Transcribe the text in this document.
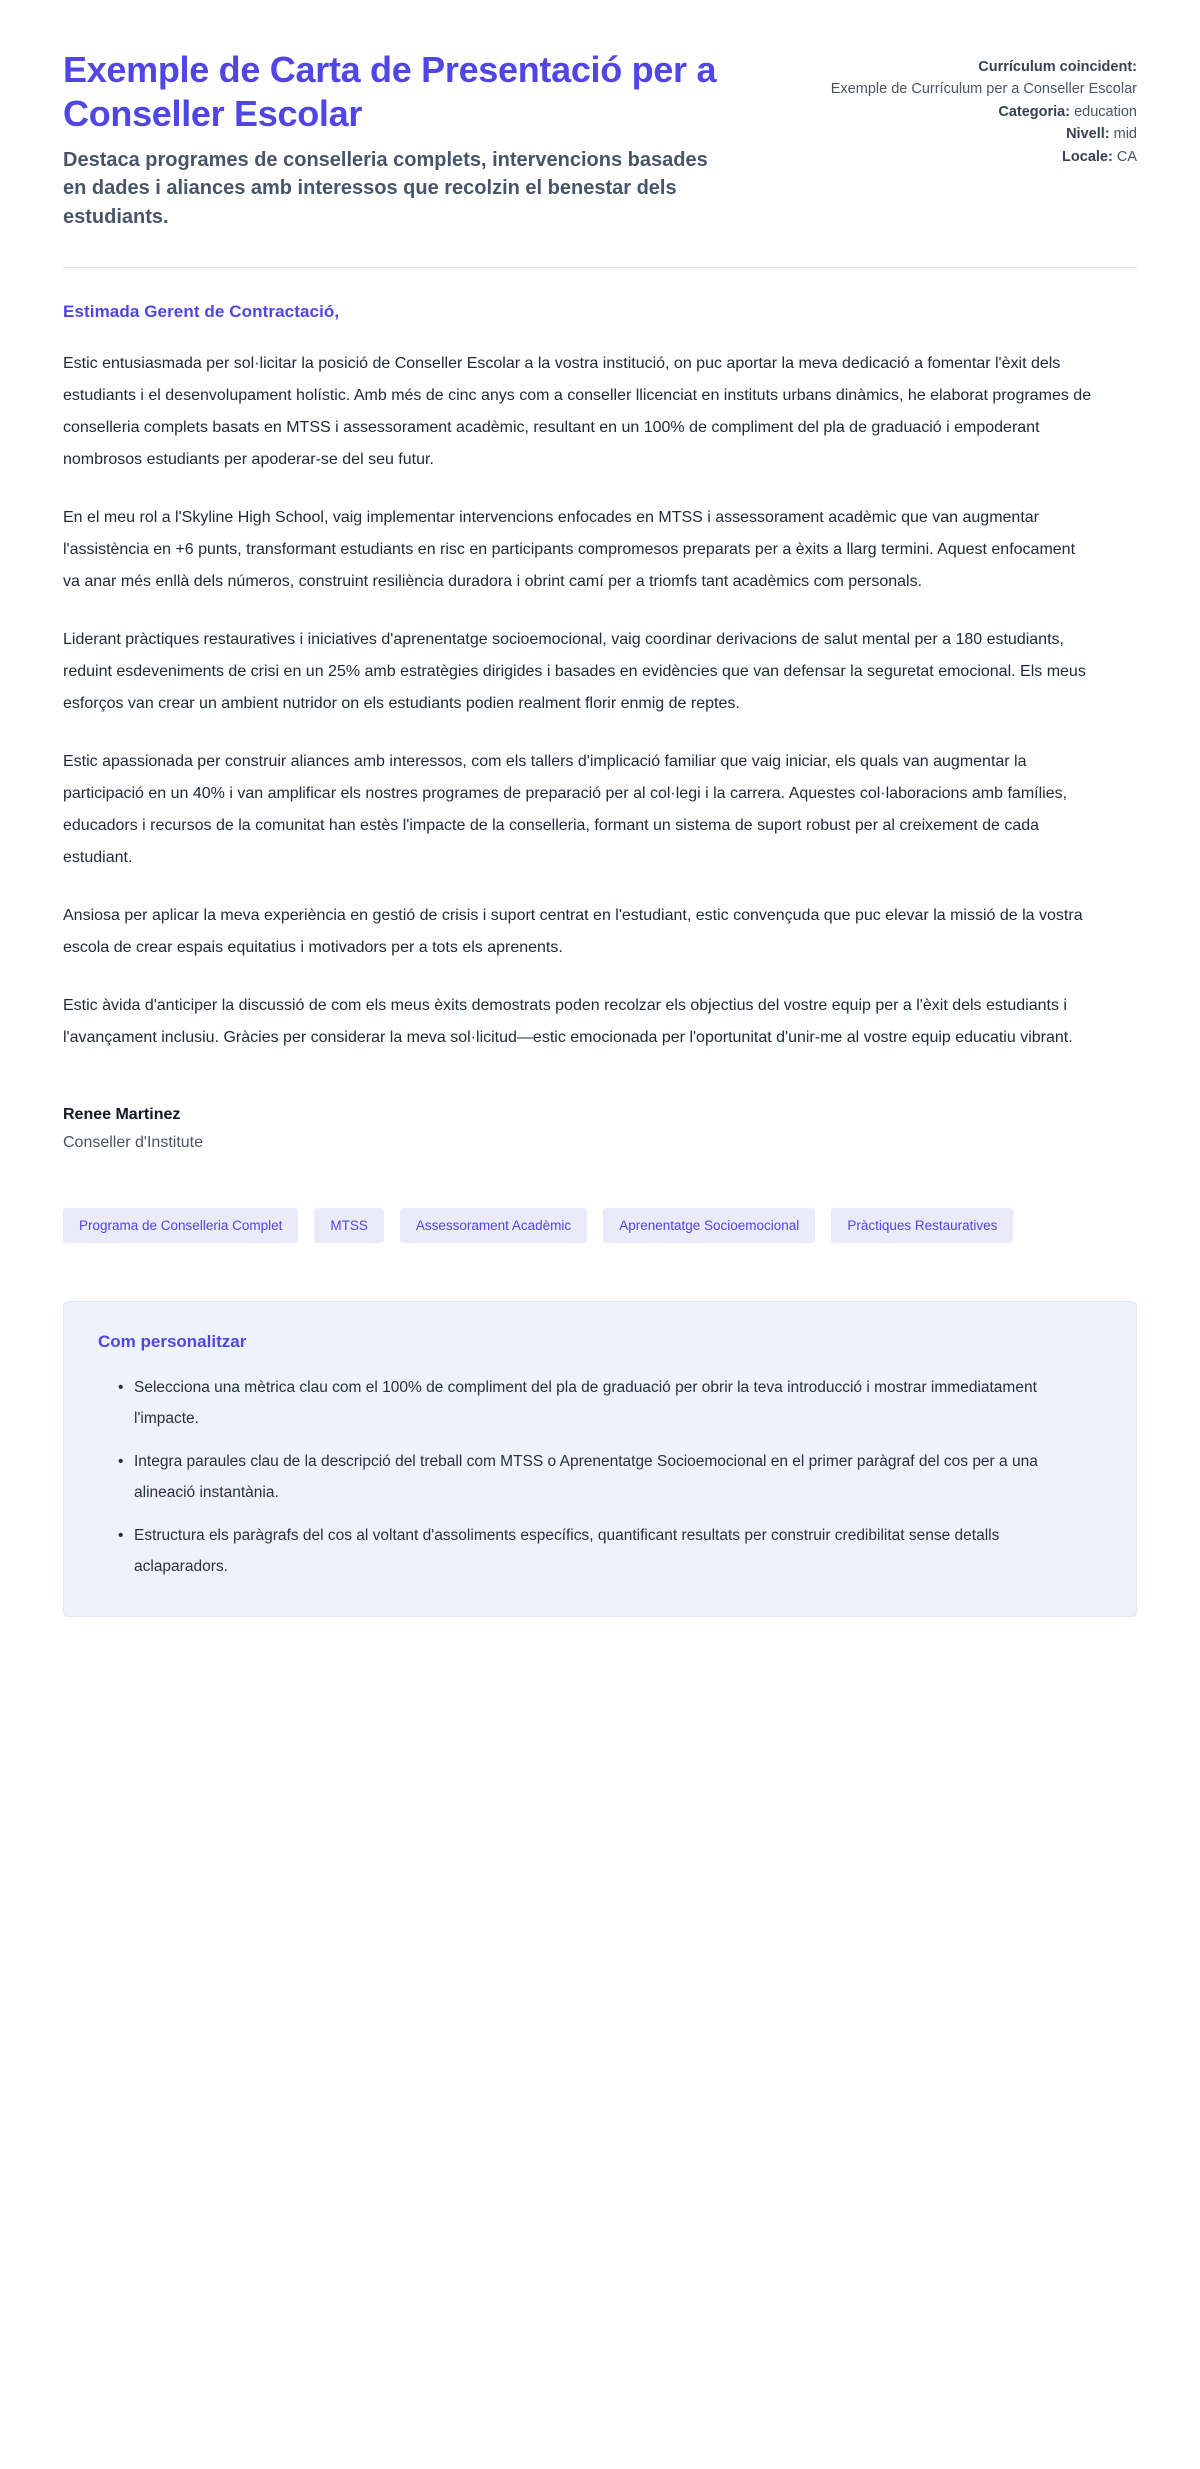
Exemple de Carta de Presentació per a Conseller Escolar

Destaca programes de conselleria complets, intervencions basades en dades i aliances amb interessos que recolzin el benestar dels estudiants.

Currículum coincident:
Exemple de Currículum per a Conseller Escolar
Categoria: education
Nivell: mid
Locale: CA

Estimada Gerent de Contractació,

Estic entusiasmada per sol·licitar la posició de Conseller Escolar a la vostra institució, on puc aportar la meva dedicació a fomentar l'èxit dels estudiants i el desenvolupament holístic. Amb més de cinc anys com a conseller llicenciat en instituts urbans dinàmics, he elaborat programes de conselleria complets basats en MTSS i assessorament acadèmic, resultant en un 100% de compliment del pla de graduació i empoderant nombrosos estudiants per apoderar-se del seu futur.

En el meu rol a l'Skyline High School, vaig implementar intervencions enfocades en MTSS i assessorament acadèmic que van augmentar l'assistència en +6 punts, transformant estudiants en risc en participants compromesos preparats per a èxits a llarg termini. Aquest enfocament va anar més enllà dels números, construint resiliència duradora i obrint camí per a triomfs tant acadèmics com personals.

Liderant pràctiques restauratives i iniciatives d'aprenentatge socioemocional, vaig coordinar derivacions de salut mental per a 180 estudiants, reduint esdeveniments de crisi en un 25% amb estratègies dirigides i basades en evidències que van defensar la seguretat emocional. Els meus esforços van crear un ambient nutridor on els estudiants podien realment florir enmig de reptes.

Estic apassionada per construir aliances amb interessos, com els tallers d'implicació familiar que vaig iniciar, els quals van augmentar la participació en un 40% i van amplificar els nostres programes de preparació per al col·legi i la carrera. Aquestes col·laboracions amb famílies, educadors i recursos de la comunitat han estès l'impacte de la conselleria, formant un sistema de suport robust per al creixement de cada estudiant.

Ansiosa per aplicar la meva experiència en gestió de crisis i suport centrat en l'estudiant, estic convençuda que puc elevar la missió de la vostra escola de crear espais equitatius i motivadors per a tots els aprenents.

Estic àvida d'anticiper la discussió de com els meus èxits demostrats poden recolzar els objectius del vostre equip per a l'èxit dels estudiants i l'avançament inclusiu. Gràcies per considerar la meva sol·licitud—estic emocionada per l'oportunitat d'unir-me al vostre equip educatiu vibrant.

Renee Martinez

Conseller d'Institute

Programa de Conselleria Complet	MTSS	Assessorament Acadèmic	Aprenentatge Socioemocional	Pràctiques Restauratives
Com personalitzar
• Selecciona una mètrica clau com el 100% de compliment del pla de graduació per obrir la teva introducció i mostrar immediatament l'impacte.
• Integra paraules clau de la descripció del treball com MTSS o Aprenentatge Socioemocional en el primer paràgraf del cos per a una alineació instantània.
• Estructura els paràgrafs del cos al voltant d'assoliments específics, quantificant resultats per construir credibilitat sense detalls aclaparadors.
